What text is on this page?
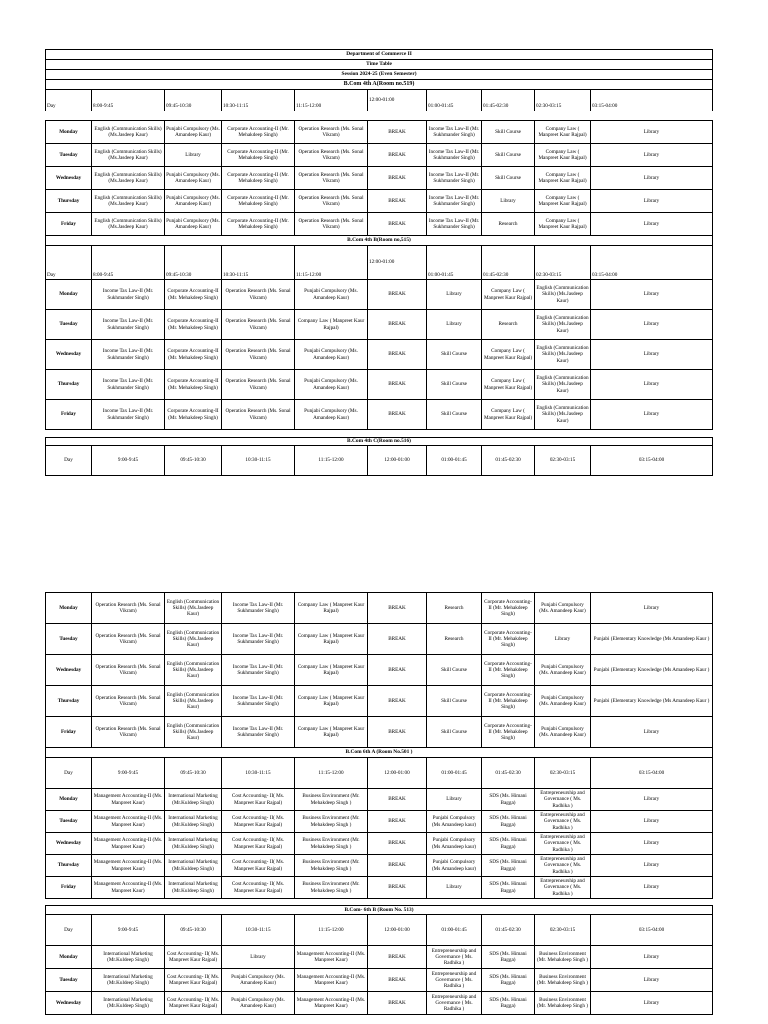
Department of Commerce II
Time Table
Session 2024-25 (Even Semester)
B.Com 4th A(Room no.519)
Day	8:00-9:45	09:45-10:30	10:30-11:15	11:15-12:00	12:00-01:00	01:00-01:45	01:45-02:30	02:30-03:15	03:15-04:00
Monday	English (Communication Skills) (Ms.Jasdeep Kaur)	Punjabi Compulsory (Ms. Amandeep Kaur)	Corporate Accounting-II (Mr. Mehakdeep Singh)	Operation Research (Ms. Sonal Vikram)	BREAK	Income Tax Law-II (Mr. Sukhmander Singh)	Skill Course	Company Law ( Manpreet Kaur Rajpal)	Library
Tuesday	English (Communication Skills) (Ms.Jasdeep Kaur)	Library	Corporate Accounting-II (Mr. Mehakdeep Singh)	Operation Research (Ms. Sonal Vikram)	BREAK	Income Tax Law-II (Mr. Sukhmander Singh)	Skill Course	Company Law ( Manpreet Kaur Rajpal)	Library
Wednesday	English (Communication Skills) (Ms.Jasdeep Kaur)	Punjabi Compulsory (Ms. Amandeep Kaur)	Corporate Accounting-II (Mr. Mehakdeep Singh)	Operation Research (Ms. Sonal Vikram)	BREAK	Income Tax Law-II (Mr. Sukhmander Singh)	Skill Course	Company Law ( Manpreet Kaur Rajpal)	Library
Thursday	English (Communication Skills) (Ms.Jasdeep Kaur)	Punjabi Compulsory (Ms. Amandeep Kaur)	Corporate Accounting-II (Mr. Mehakdeep Singh)	Operation Research (Ms. Sonal Vikram)	BREAK	Income Tax Law-II (Mr. Sukhmander Singh)	Library	Company Law ( Manpreet Kaur Rajpal)	Library
Friday	English (Communication Skills) (Ms.Jasdeep Kaur)	Punjabi Compulsory (Ms. Amandeep Kaur)	Corporate Accounting-II (Mr. Mehakdeep Singh)	Operation Research (Ms. Sonal Vikram)	BREAK	Income Tax Law-II (Mr. Sukhmander Singh)	Research	Company Law ( Manpreet Kaur Rajpal)	Library
B.Com 4th B(Room no,515)									
Day	8:00-9:45	09:45-10:30	10:30-11:15	11:15-12:00	12:00-01:00	01:00-01:45	01:45-02:30	02:30-03:15	03:15-04:00
Monday	Income Tax Law-II (Mr. Sukhmander Singh)	Corporate Accounting-II (Mr. Mehakdeep Singh)	Operation Research (Ms. Sonal Vikram)	Punjabi Compulsory (Ms. Amandeep Kaur)	BREAK	Library	Company Law ( Manpreet Kaur Rajpal)	English (Communication Skills) (Ms.Jasdeep Kaur)	Library
Tuesday	Income Tax Law-II (Mr. Sukhmander Singh)	Corporate Accounting-II (Mr. Mehakdeep Singh)	Operation Research (Ms. Sonal Vikram)	Company Law ( Manpreet Kaur Rajpal)	BREAK	Library	Research	English (Communication Skills) (Ms.Jasdeep Kaur)	Library
Wednesday	Income Tax Law-II (Mr. Sukhmander Singh)	Corporate Accounting-II (Mr. Mehakdeep Singh)	Operation Research (Ms. Sonal Vikram)	Punjabi Compulsory (Ms. Amandeep Kaur)	BREAK	Skill Course	Company Law ( Manpreet Kaur Rajpal)	English (Communication Skills) (Ms.Jasdeep Kaur)	Library
Thursday	Income Tax Law-II (Mr. Sukhmander Singh)	Corporate Accounting-II (Mr. Mehakdeep Singh)	Operation Research (Ms. Sonal Vikram)	Punjabi Compulsory (Ms. Amandeep Kaur)	BREAK	Skill Course	Company Law ( Manpreet Kaur Rajpal)	English (Communication Skills) (Ms.Jasdeep Kaur)	Library
Friday	Income Tax Law-II (Mr. Sukhmander Singh)	Corporate Accounting-II (Mr. Mehakdeep Singh)	Operation Research (Ms. Sonal Vikram)	Punjabi Compulsory (Ms. Amandeep Kaur)	BREAK	Skill Course	Company Law ( Manpreet Kaur Rajpal)	English (Communication Skills) (Ms.Jasdeep Kaur)	Library

B.Com 4th C(Room no.516)									
Day	9:00-9:45	09:45-10:30	10:30-11:15	11:15-12:00	12:00-01:00	01:00-01:45	01:45-02:30	02:30-03:15	03:15-04:00
Monday	Operation Research (Ms. Sonal Vikram)	English (Communication Skills) (Ms.Jasdeep Kaur)	Income Tax Law-II (Mr. Sukhmander Singh)	Company Law ( Manpreet Kaur Rajpal)	BREAK	Research	Corporate Accounting-II (Mr. Mehakdeep Singh)	Punjabi Compulsory (Ms. Amandeep Kaur)	Library
Tuesday	Operation Research (Ms. Sonal Vikram)	English (Communication Skills) (Ms.Jasdeep Kaur)	Income Tax Law-II (Mr. Sukhmander Singh)	Company Law ( Manpreet Kaur Rajpal)	BREAK	Research	Corporate Accounting-II (Mr. Mehakdeep Singh)	Library	Punjabi (Elementary Knowledge (Ms Amandeep Kaur )
Wednesday	Operation Research (Ms. Sonal Vikram)	English (Communication Skills) (Ms.Jasdeep Kaur)	Income Tax Law-II (Mr. Sukhmander Singh)	Company Law ( Manpreet Kaur Rajpal)	BREAK	Skill Course	Corporate Accounting-II (Mr. Mehakdeep Singh)	Punjabi Compulsory (Ms. Amandeep Kaur)	Punjabi (Elementary Knowledge (Ms Amandeep Kaur )
Thursday	Operation Research (Ms. Sonal Vikram)	English (Communication Skills) (Ms.Jasdeep Kaur)	Income Tax Law-II (Mr. Sukhmander Singh)	Company Law ( Manpreet Kaur Rajpal)	BREAK	Skill Course	Corporate Accounting-II (Mr. Mehakdeep Singh)	Punjabi Compulsory (Ms. Amandeep Kaur)	Punjabi (Elementary Knowledge (Ms Amandeep Kaur )
Friday	Operation Research (Ms. Sonal Vikram)	English (Communication Skills) (Ms.Jasdeep Kaur)	Income Tax Law-II (Mr. Sukhmander Singh)	Company Law ( Manpreet Kaur Rajpal)	BREAK	Skill Course	Corporate Accounting-II (Mr. Mehakdeep Singh)	Punjabi Compulsory (Ms. Amandeep Kaur)	Library
B.Com 6th A (Room No.501 )									
Day	9:00-9:45	09:45-10:30	10:30-11:15	11:15-12:00	12:00-01:00	01:00-01:45	01:45-02:30	02:30-03:15	03:15-04:00
Monday	Management Accounting-II (Ms. Manpreet Kaur)	International Marketing (Mr.Kuldeep Singh)	Cost Accounting- II( Ms. Manpreet Kaur Rajpal)	Business Environment (Mr. Mehakdeep Singh )	BREAK	Library	SDS (Ms. Himani Bagga)	Entrepreneurship and Governance ( Ms. Radhika )	Library
Tuesday	Management Accounting-II (Ms. Manpreet Kaur)	International Marketing (Mr.Kuldeep Singh)	Cost Accounting- II( Ms. Manpreet Kaur Rajpal)	Business Environment (Mr. Mehakdeep Singh )	BREAK	Punjabi Compulsory (Ms Amandeep kaur)	SDS (Ms. Himani Bagga)	Entrepreneurship and Governance ( Ms. Radhika )	Library
Wednesday	Management Accounting-II (Ms. Manpreet Kaur)	International Marketing (Mr.Kuldeep Singh)	Cost Accounting- II( Ms. Manpreet Kaur Rajpal)	Business Environment (Mr. Mehakdeep Singh )	BREAK	Punjabi Compulsory (Ms Amandeep kaur)	SDS (Ms. Himani Bagga)	Entrepreneurship and Governance ( Ms. Radhika )	Library
Thursday	Management Accounting-II (Ms. Manpreet Kaur)	International Marketing (Mr.Kuldeep Singh)	Cost Accounting- II( Ms. Manpreet Kaur Rajpal)	Business Environment (Mr. Mehakdeep Singh )	BREAK	Punjabi Compulsory (Ms Amandeep kaur)	SDS (Ms. Himani Bagga)	Entrepreneurship and Governance ( Ms. Radhika )	Library
Friday	Management Accounting-II (Ms. Manpreet Kaur)	International Marketing (Mr.Kuldeep Singh)	Cost Accounting- II( Ms. Manpreet Kaur Rajpal)	Business Environment (Mr. Mehakdeep Singh )	BREAK	Library	SDS (Ms. Himani Bagga)	Entrepreneurship and Governance ( Ms. Radhika )	Library

B.Com- 6th B (Room No. 513)									
Day	9:00-9:45	09:45-10:30	10:30-11:15	11:15-12:00	12:00-01:00	01:00-01:45	01:45-02:30	02:30-03:15	03:15-04:00
Monday	International Marketing (Mr.Kuldeep Singh)	Cost Accounting- II( Ms. Manpreet Kaur Rajpal)	Library	Management Accounting-II (Ms. Manpreet Kaur)	BREAK	Entrepreneurship and Governance ( Ms. Radhika )	SDS (Ms. Himani Bagga)	Business Environment (Mr. Mehakdeep Singh )	Library
Tuesday	International Marketing (Mr.Kuldeep Singh)	Cost Accounting- II( Ms. Manpreet Kaur Rajpal)	Punjabi Compulsory (Ms. Amandeep Kaur)	Management Accounting-II (Ms. Manpreet Kaur)	BREAK	Entrepreneurship and Governance ( Ms. Radhika )	SDS (Ms. Himani Bagga)	Business Environment (Mr. Mehakdeep Singh )	Library
Wednesday	International Marketing (Mr.Kuldeep Singh)	Cost Accounting- II( Ms. Manpreet Kaur Rajpal)	Punjabi Compulsory (Ms. Amandeep Kaur)	Management Accounting-II (Ms. Manpreet Kaur)	BREAK	Entrepreneurship and Governance ( Ms. Radhika )	SDS (Ms. Himani Bagga)	Business Environment (Mr. Mehakdeep Singh )	Library
